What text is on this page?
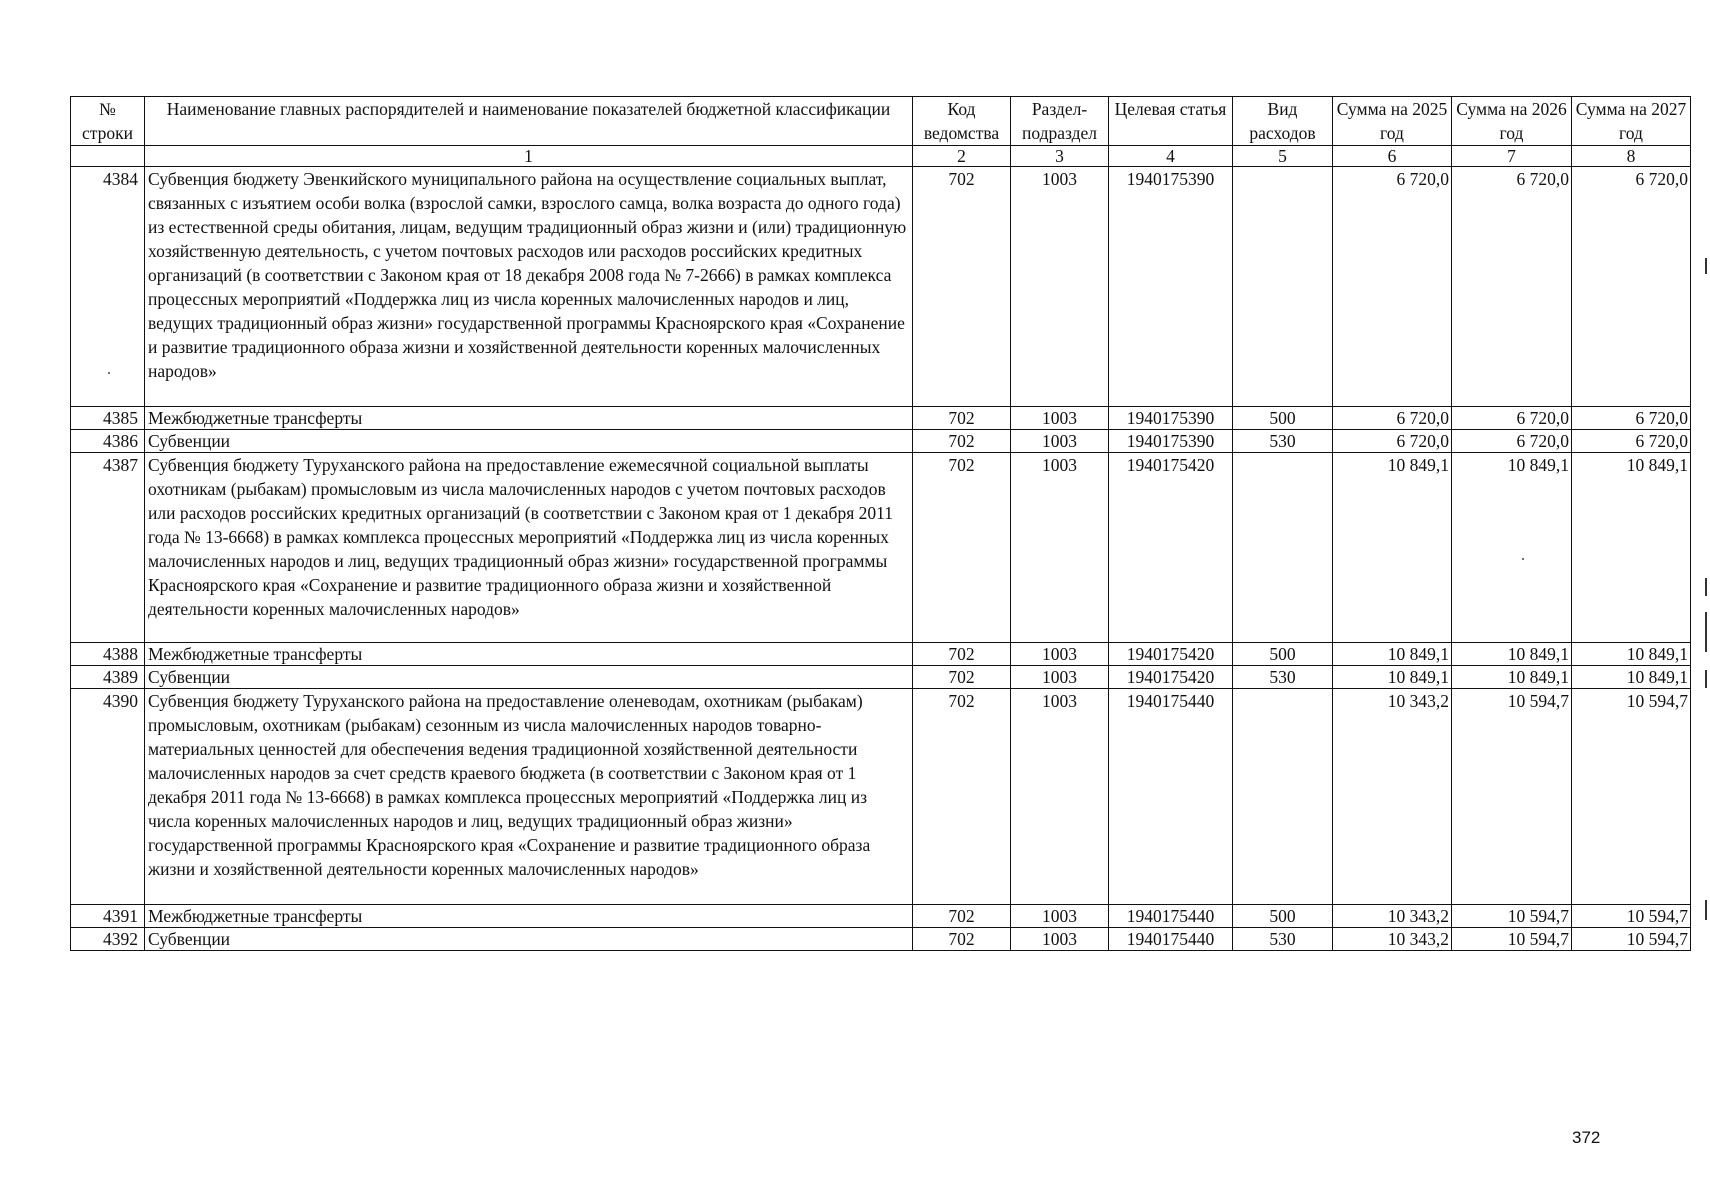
№ строки	Наименование главных распорядителей и наименование показателей бюджетной классификации	Код ведомства	Раздел-подраздел	Целевая статья	Вид расходов	Сумма на 2025 год	Сумма на 2026 год	Сумма на 2027 год
	1	2	3	4	5	6	7	8
4384	Субвенция бюджету Эвенкийского муниципального района на осуществление социальных выплат, связанных с изъятием особи волка (взрослой самки, взрослого самца, волка возраста до одного года) из естественной среды обитания, лицам, ведущим традиционный образ жизни и (или) традиционную хозяйственную деятельность, с учетом почтовых расходов или расходов российских кредитных организаций (в соответствии с Законом края от 18 декабря 2008 года № 7-2666) в рамках комплекса процессных мероприятий «Поддержка лиц из числа коренных малочисленных народов и лиц, ведущих традиционный образ жизни» государственной программы Красноярского края «Сохранение и развитие традиционного образа жизни и хозяйственной деятельности коренных малочисленных народов»	702	1003	1940175390		6 720,0	6 720,0	6 720,0
4385	Межбюджетные трансферты	702	1003	1940175390	500	6 720,0	6 720,0	6 720,0
4386	Субвенции	702	1003	1940175390	530	6 720,0	6 720,0	6 720,0
4387	Субвенция бюджету Туруханского района на предоставление ежемесячной социальной выплаты охотникам (рыбакам) промысловым из числа малочисленных народов с учетом почтовых расходов или расходов российских кредитных организаций (в соответствии с Законом края от 1 декабря 2011 года № 13-6668) в рамках комплекса процессных мероприятий «Поддержка лиц из числа коренных малочисленных народов и лиц, ведущих традиционный образ жизни» государственной программы Красноярского края «Сохранение и развитие традиционного образа жизни и хозяйственной деятельности коренных малочисленных народов»	702	1003	1940175420		10 849,1	10 849,1	10 849,1
4388	Межбюджетные трансферты	702	1003	1940175420	500	10 849,1	10 849,1	10 849,1
4389	Субвенции	702	1003	1940175420	530	10 849,1	10 849,1	10 849,1
4390	Субвенция бюджету Туруханского района на предоставление оленеводам, охотникам (рыбакам) промысловым, охотникам (рыбакам) сезонным из числа малочисленных народов товарно-материальных ценностей для обеспечения ведения традиционной хозяйственной деятельности малочисленных народов за счет средств краевого бюджета (в соответствии с Законом края от 1 декабря 2011 года № 13-6668) в рамках комплекса процессных мероприятий «Поддержка лиц из числа коренных малочисленных народов и лиц, ведущих традиционный образ жизни» государственной программы Красноярского края «Сохранение и развитие традиционного образа жизни и хозяйственной деятельности коренных малочисленных народов»	702	1003	1940175440		10 343,2	10 594,7	10 594,7
4391	Межбюджетные трансферты	702	1003	1940175440	500	10 343,2	10 594,7	10 594,7
4392	Субвенции	702	1003	1940175440	530	10 343,2	10 594,7	10 594,7
372
